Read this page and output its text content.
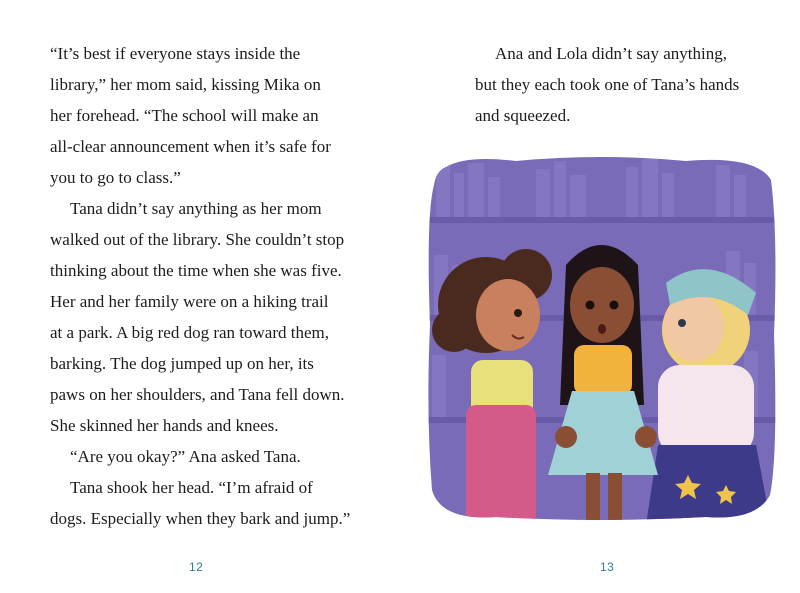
“It’s best if everyone stays inside the
library,” her mom said, kissing Mika on
her forehead. “The school will make an
all-clear announcement when it’s safe for
you to go to class.”
Tana didn’t say anything as her mom
walked out of the library. She couldn’t stop
thinking about the time when she was five.
Her and her family were on a hiking trail
at a park. A big red dog ran toward them,
barking. The dog jumped up on her, its
paws on her shoulders, and Tana fell down.
She skinned her hands and knees.
“Are you okay?” Ana asked Tana.
Tana shook her head. “I’m afraid of
dogs. Especially when they bark and jump.”
12
Ana and Lola didn’t say anything,
but they each took one of Tana’s hands
and squeezed.
13
